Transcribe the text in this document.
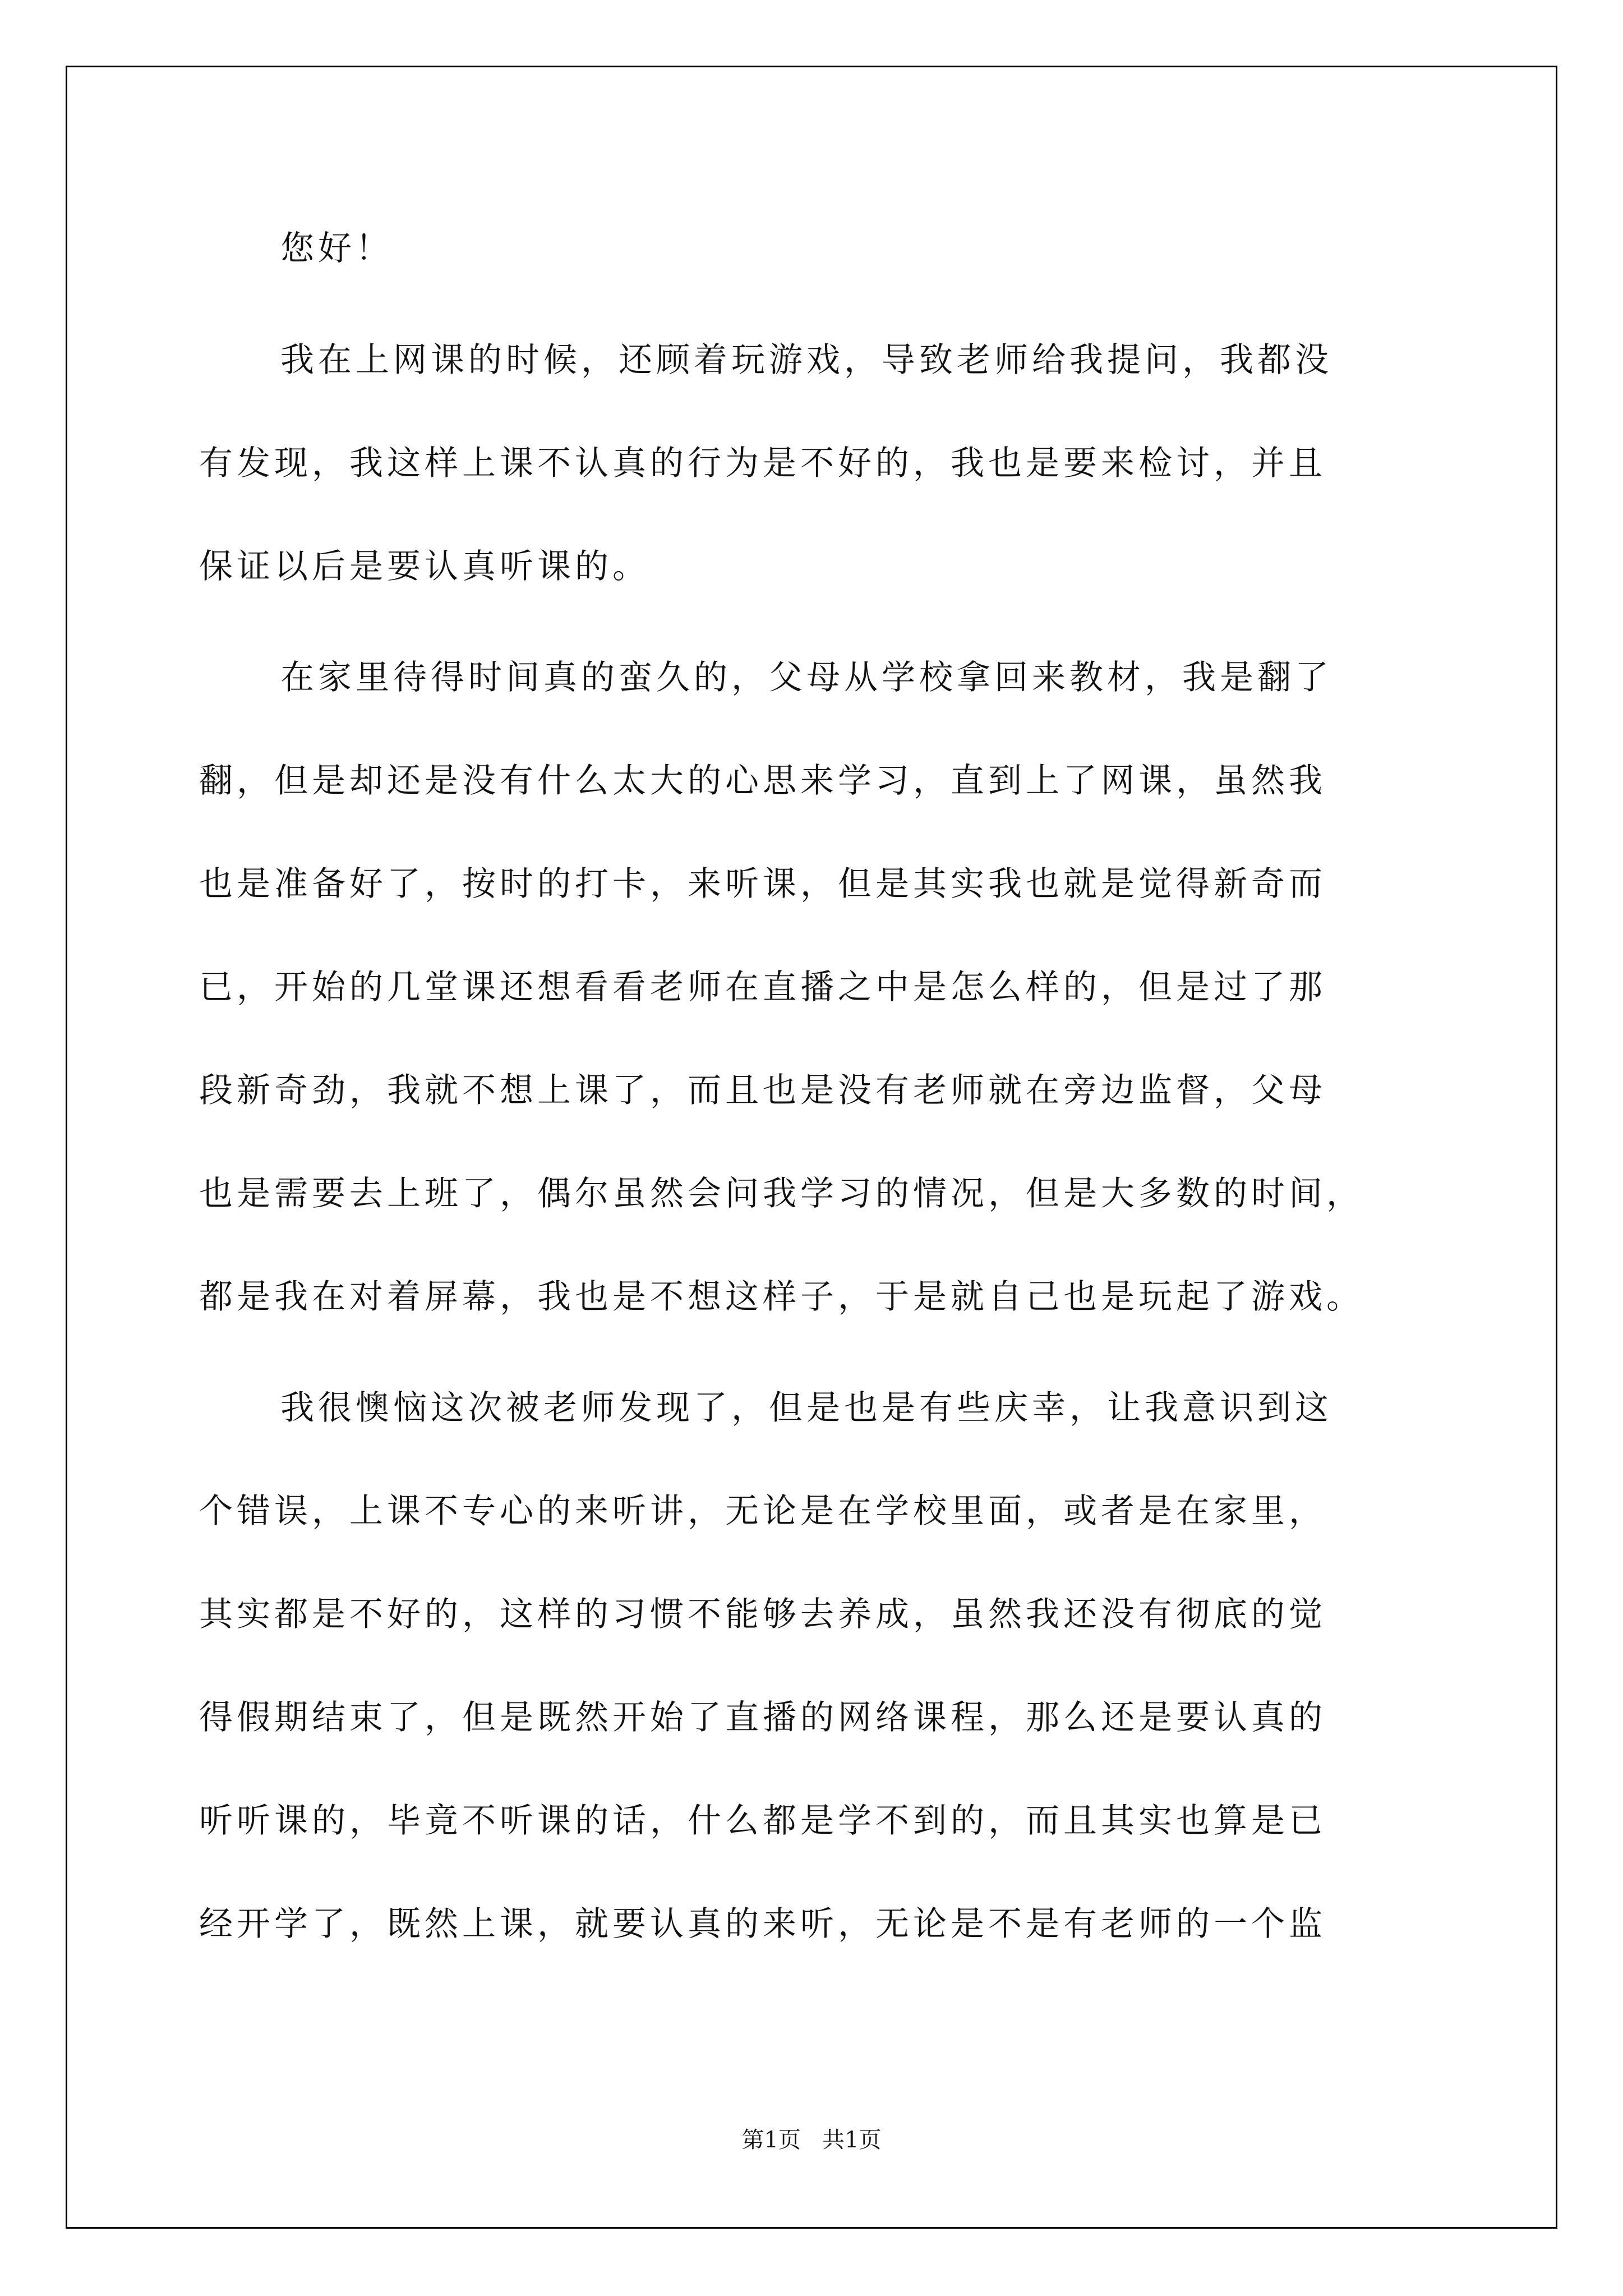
您好！
我在上网课的时候，还顾着玩游戏，导致老师给我提问，我都没
有发现，我这样上课不认真的行为是不好的，我也是要来检讨，并且
保证以后是要认真听课的。
在家里待得时间真的蛮久的，父母从学校拿回来教材，我是翻了
翻，但是却还是没有什么太大的心思来学习，直到上了网课，虽然我
也是准备好了，按时的打卡，来听课，但是其实我也就是觉得新奇而
已，开始的几堂课还想看看老师在直播之中是怎么样的，但是过了那
段新奇劲，我就不想上课了，而且也是没有老师就在旁边监督，父母
也是需要去上班了，偶尔虽然会问我学习的情况，但是大多数的时间，
都是我在对着屏幕，我也是不想这样子，于是就自己也是玩起了游戏。
我很懊恼这次被老师发现了，但是也是有些庆幸，让我意识到这
个错误，上课不专心的来听讲，无论是在学校里面，或者是在家里，
其实都是不好的，这样的习惯不能够去养成，虽然我还没有彻底的觉
得假期结束了，但是既然开始了直播的网络课程，那么还是要认真的
听听课的，毕竟不听课的话，什么都是学不到的，而且其实也算是已
经开学了，既然上课，就要认真的来听，无论是不是有老师的一个监
第1页   共1页
